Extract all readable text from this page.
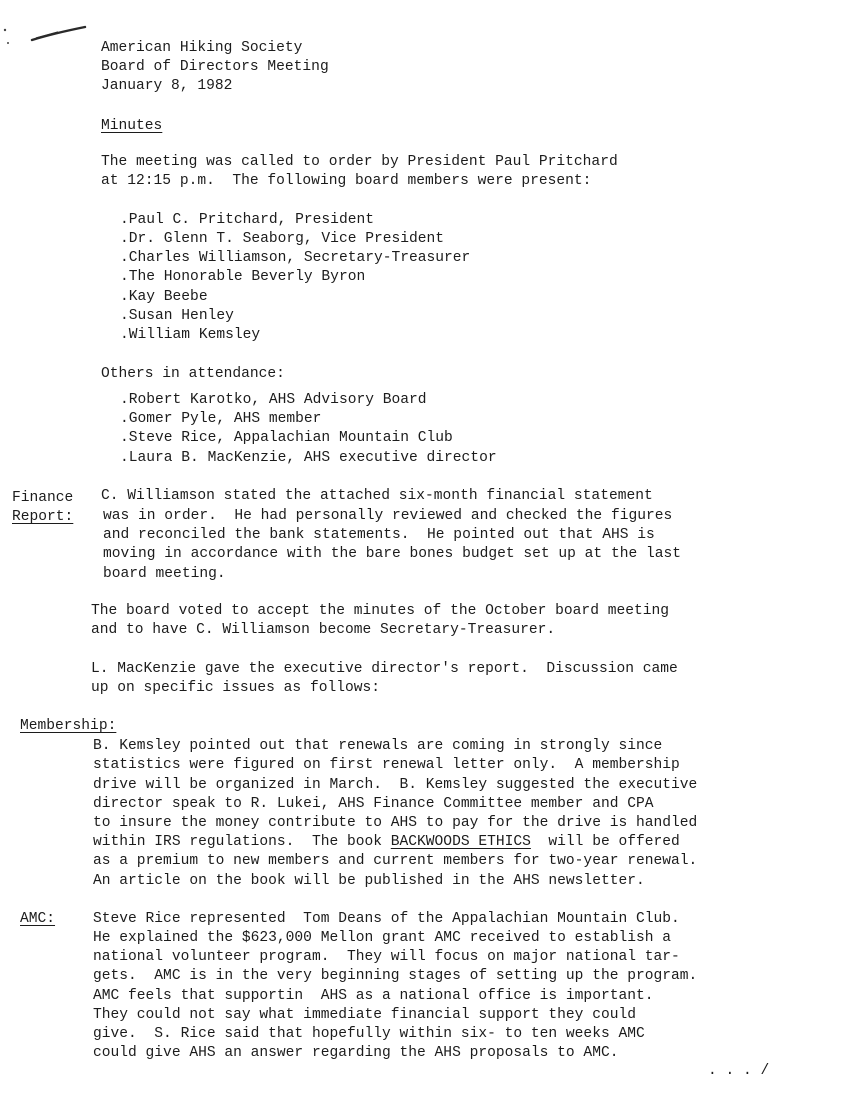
American Hiking Society
Board of Directors Meeting
January 8, 1982
Minutes
The meeting was called to order by President Paul Pritchard
at 12:15 p.m.  The following board members were present:
.Paul C. Pritchard, President
.Dr. Glenn T. Seaborg, Vice President
.Charles Williamson, Secretary-Treasurer
.The Honorable Beverly Byron
.Kay Beebe
.Susan Henley
.William Kemsley
Others in attendance:
.Robert Karotko, AHS Advisory Board
.Gomer Pyle, AHS member
.Steve Rice, Appalachian Mountain Club
.Laura B. MacKenzie, AHS executive director
Finance
Report:
C. Williamson stated the attached six-month financial statement
was in order.  He had personally reviewed and checked the figures
and reconciled the bank statements.  He pointed out that AHS is
moving in accordance with the bare bones budget set up at the last
board meeting.
The board voted to accept the minutes of the October board meeting
and to have C. Williamson become Secretary-Treasurer.
L. MacKenzie gave the executive director's report.  Discussion came
up on specific issues as follows:
Membership:
B. Kemsley pointed out that renewals are coming in strongly since
statistics were figured on first renewal letter only.  A membership
drive will be organized in March.  B. Kemsley suggested the executive
director speak to R. Lukei, AHS Finance Committee member and CPA
to insure the money contribute to AHS to pay for the drive is handled
within IRS regulations.  The book BACKWOODS ETHICS  will be offered
as a premium to new members and current members for two-year renewal.
An article on the book will be published in the AHS newsletter.
AMC:	Steve Rice represented  Tom Deans of the Appalachian Mountain Club.
He explained the $623,000 Mellon grant AMC received to establish a
national volunteer program.  They will focus on major national tar-
gets.  AMC is in the very beginning stages of setting up the program.
AMC feels that supportin  AHS as a national office is important.
They could not say what immediate financial support they could
give.  S. Rice said that hopefully within six- to ten weeks AMC
could give AHS an answer regarding the AHS proposals to AMC.
. . . /
